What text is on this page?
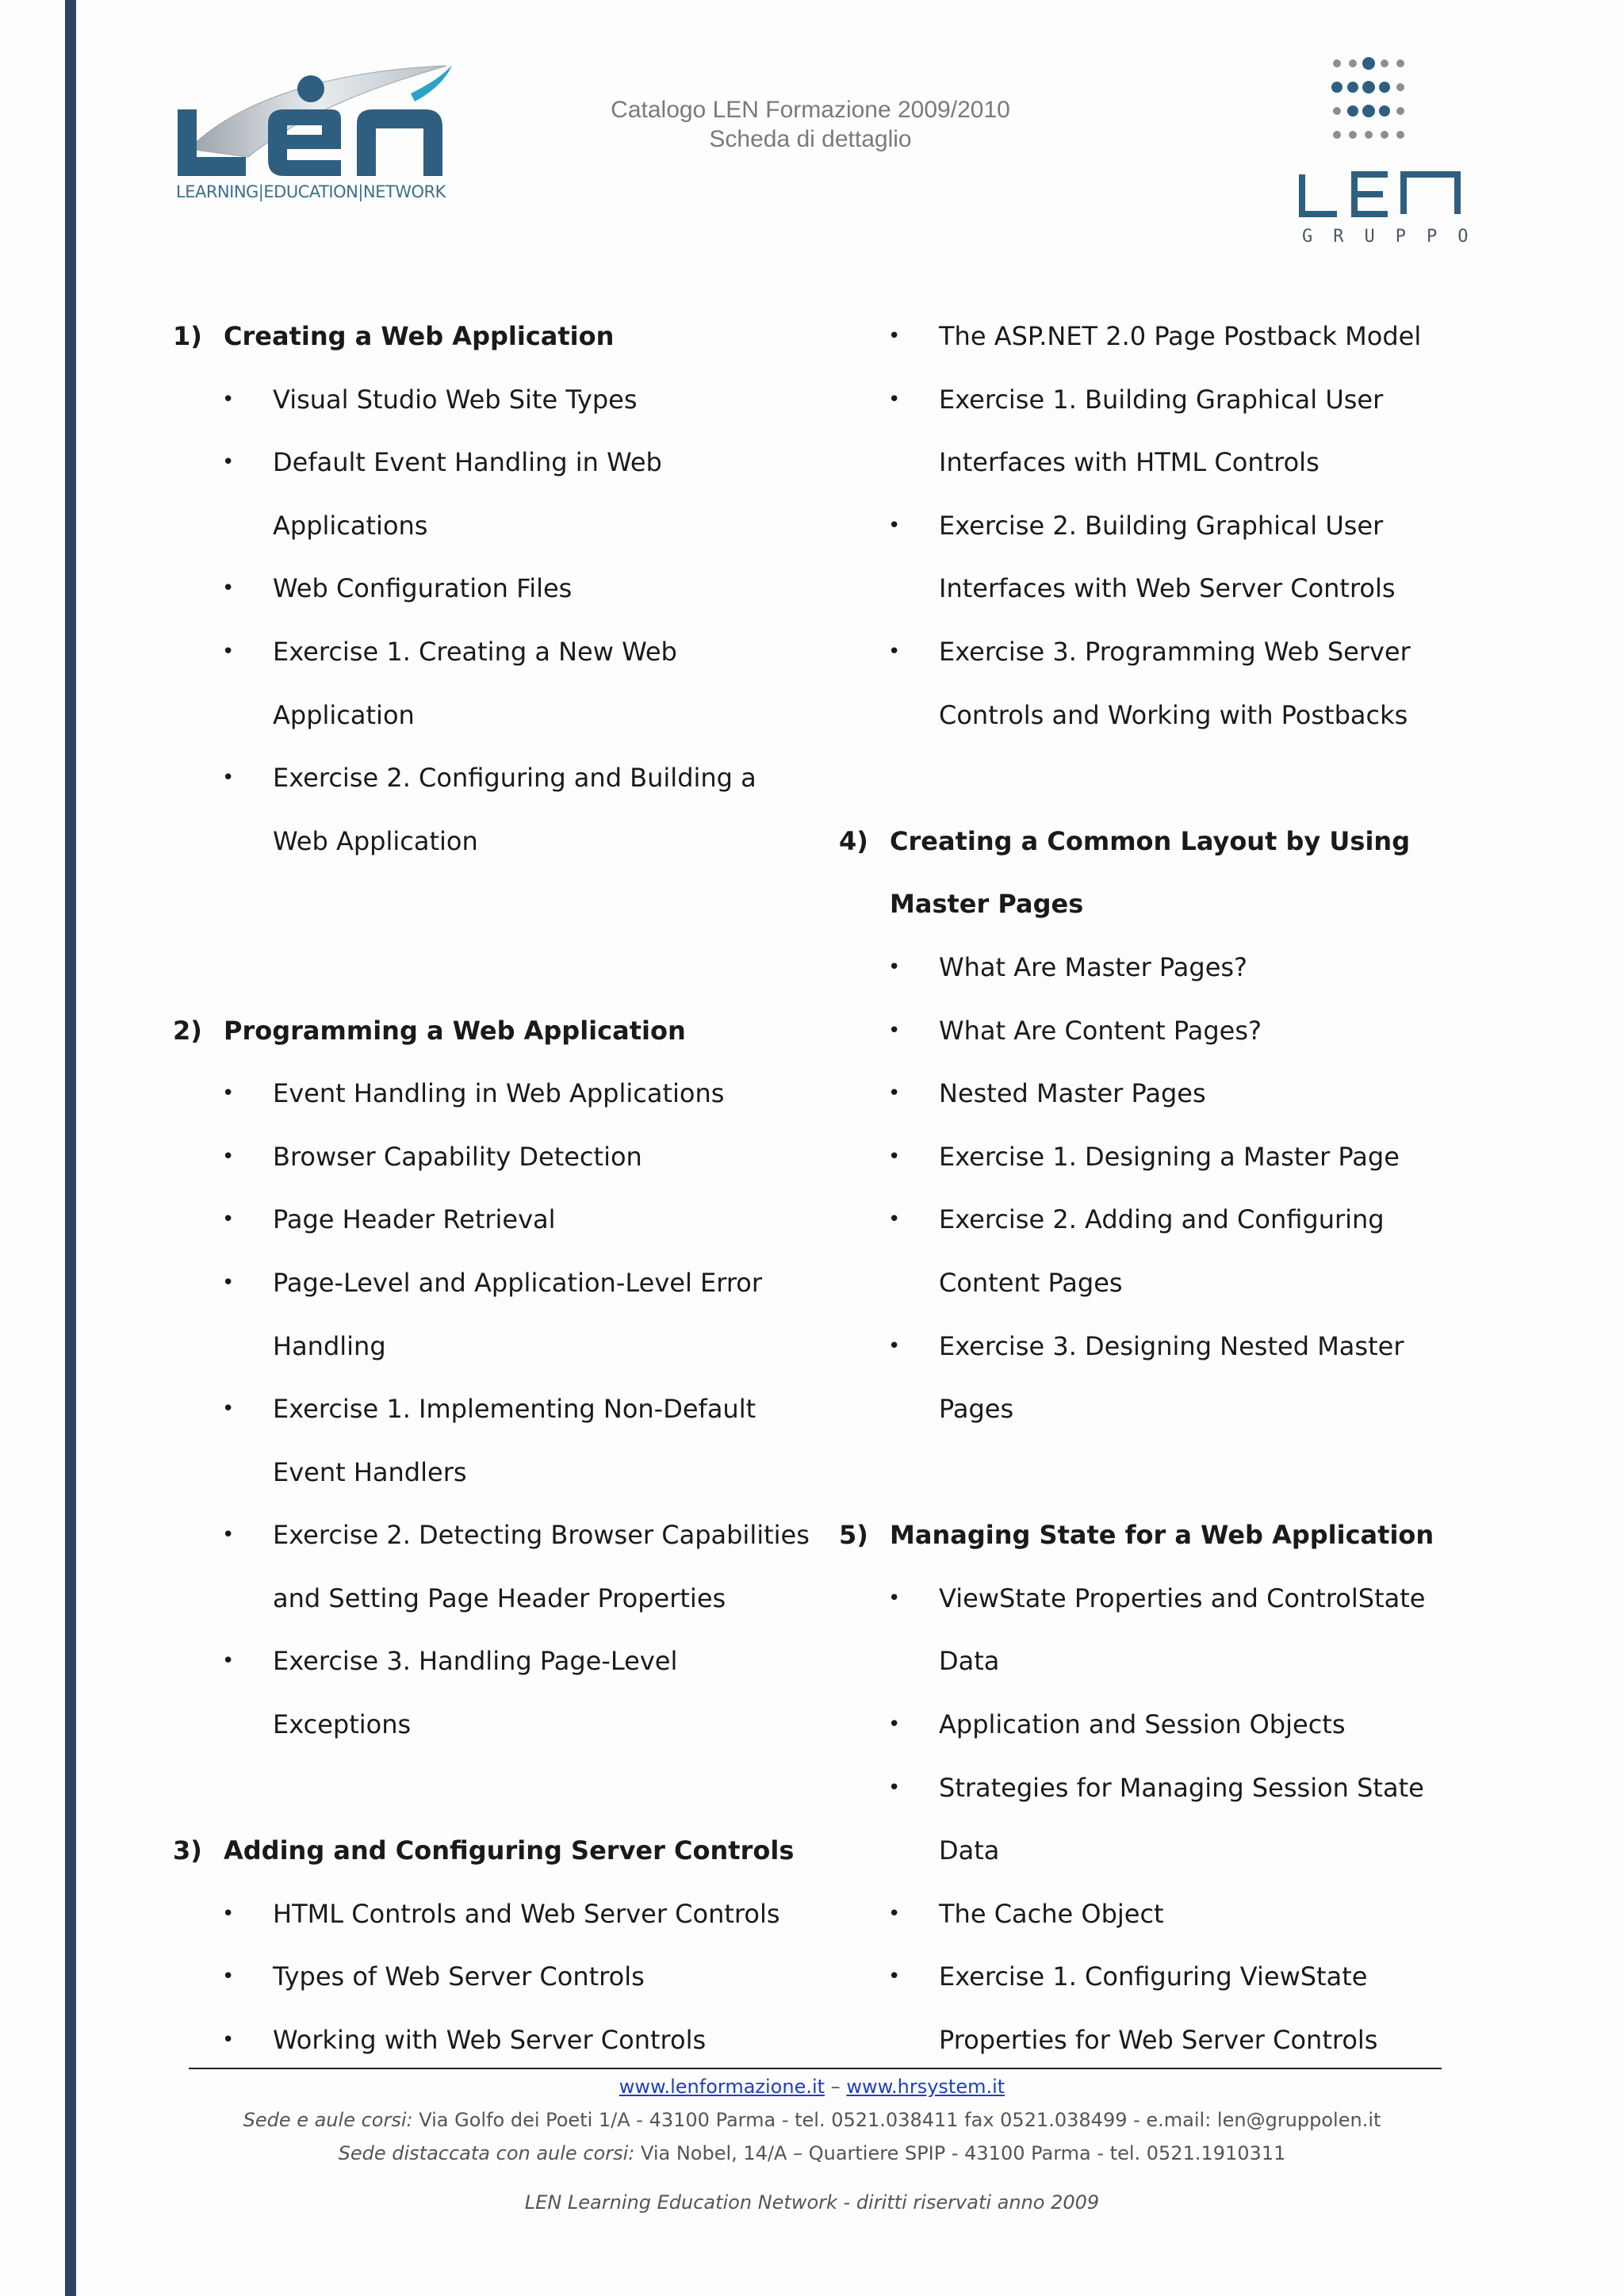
LEARNING|EDUCATION|NETWORK
Catalogo LEN Formazione 2009/2010
Scheda di dettaglio
GRUPPO
1) Creating a Web Application
• Visual Studio Web Site Types
• Default Event Handling in Web
Applications
• Web Configuration Files
• Exercise 1. Creating a New Web
Application
• Exercise 2. Configuring and Building a
Web Application
2) Programming a Web Application
• Event Handling in Web Applications
• Browser Capability Detection
• Page Header Retrieval
• Page-Level and Application-Level Error
Handling
• Exercise 1. Implementing Non-Default
Event Handlers
• Exercise 2. Detecting Browser Capabilities
and Setting Page Header Properties
• Exercise 3. Handling Page-Level
Exceptions
3) Adding and Configuring Server Controls
• HTML Controls and Web Server Controls
• Types of Web Server Controls
• Working with Web Server Controls
• The ASP.NET 2.0 Page Postback Model
• Exercise 1. Building Graphical User
Interfaces with HTML Controls
• Exercise 2. Building Graphical User
Interfaces with Web Server Controls
• Exercise 3. Programming Web Server
Controls and Working with Postbacks
4) Creating a Common Layout by Using
Master Pages
• What Are Master Pages?
• What Are Content Pages?
• Nested Master Pages
• Exercise 1. Designing a Master Page
• Exercise 2. Adding and Configuring
Content Pages
• Exercise 3. Designing Nested Master
Pages
5) Managing State for a Web Application
• ViewState Properties and ControlState
Data
• Application and Session Objects
• Strategies for Managing Session State
Data
• The Cache Object
• Exercise 1. Configuring ViewState
Properties for Web Server Controls
www.lenformazione.it – www.hrsystem.it
Sede e aule corsi: Via Golfo dei Poeti 1/A - 43100 Parma - tel. 0521.038411 fax 0521.038499 - e.mail: len@gruppolen.it
Sede distaccata con aule corsi: Via Nobel, 14/A – Quartiere SPIP - 43100 Parma - tel. 0521.1910311
LEN Learning Education Network - diritti riservati anno 2009
